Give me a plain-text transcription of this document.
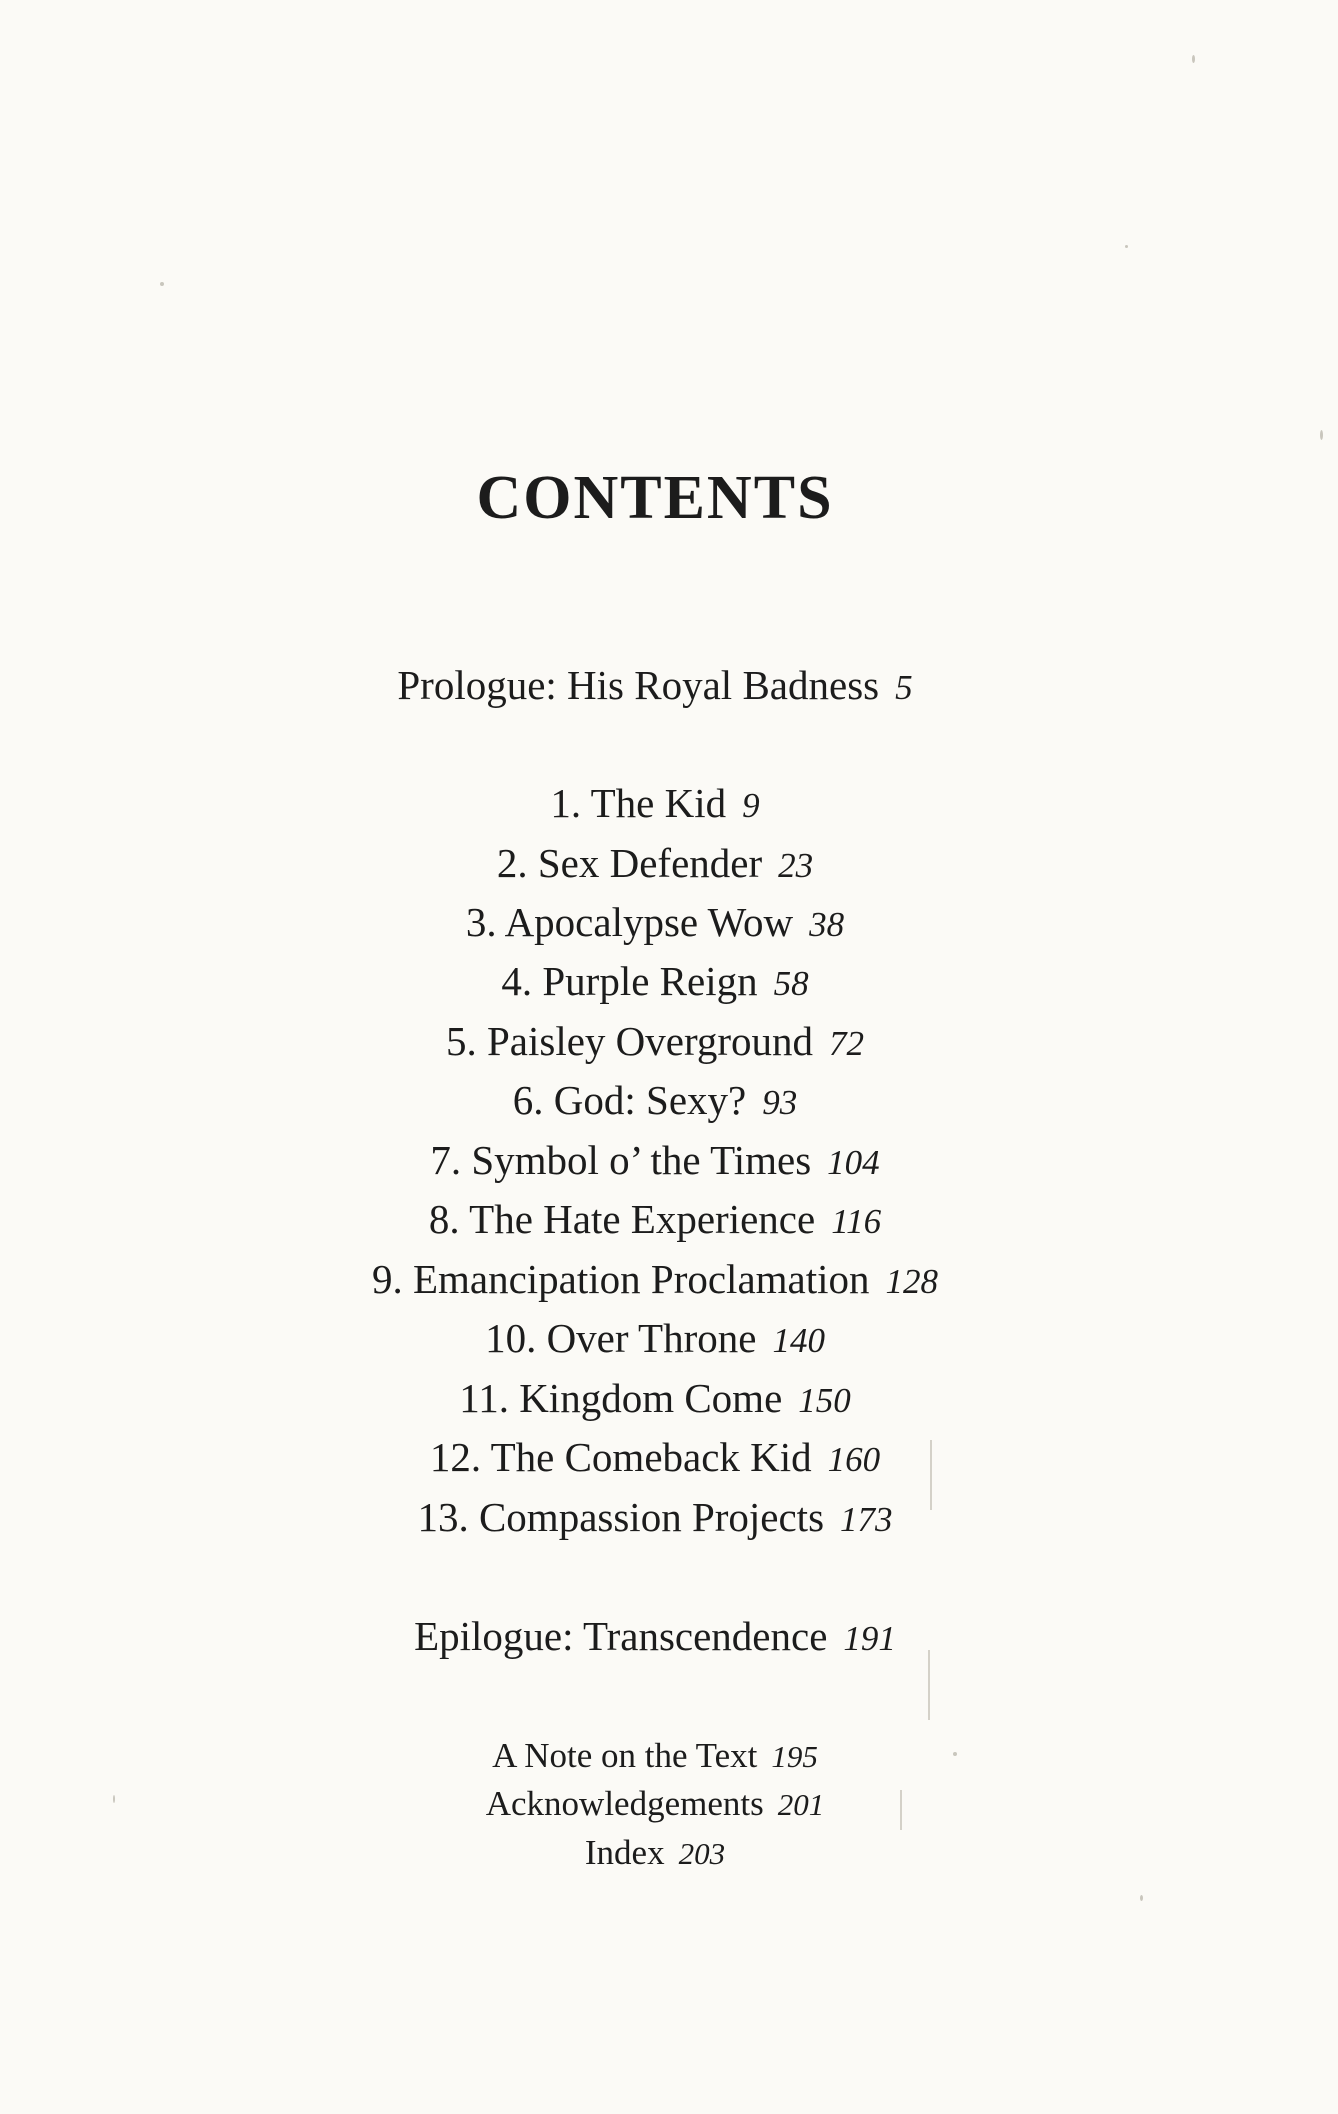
CONTENTS
Prologue: His Royal Badness 5
1. The Kid 9
2. Sex Defender 23
3. Apocalypse Wow 38
4. Purple Reign 58
5. Paisley Overground 72
6. God: Sexy? 93
7. Symbol o’ the Times 104
8. The Hate Experience 116
9. Emancipation Proclamation 128
10. Over Throne 140
11. Kingdom Come 150
12. The Comeback Kid 160
13. Compassion Projects 173
Epilogue: Transcendence 191
A Note on the Text 195
Acknowledgements 201
Index 203
